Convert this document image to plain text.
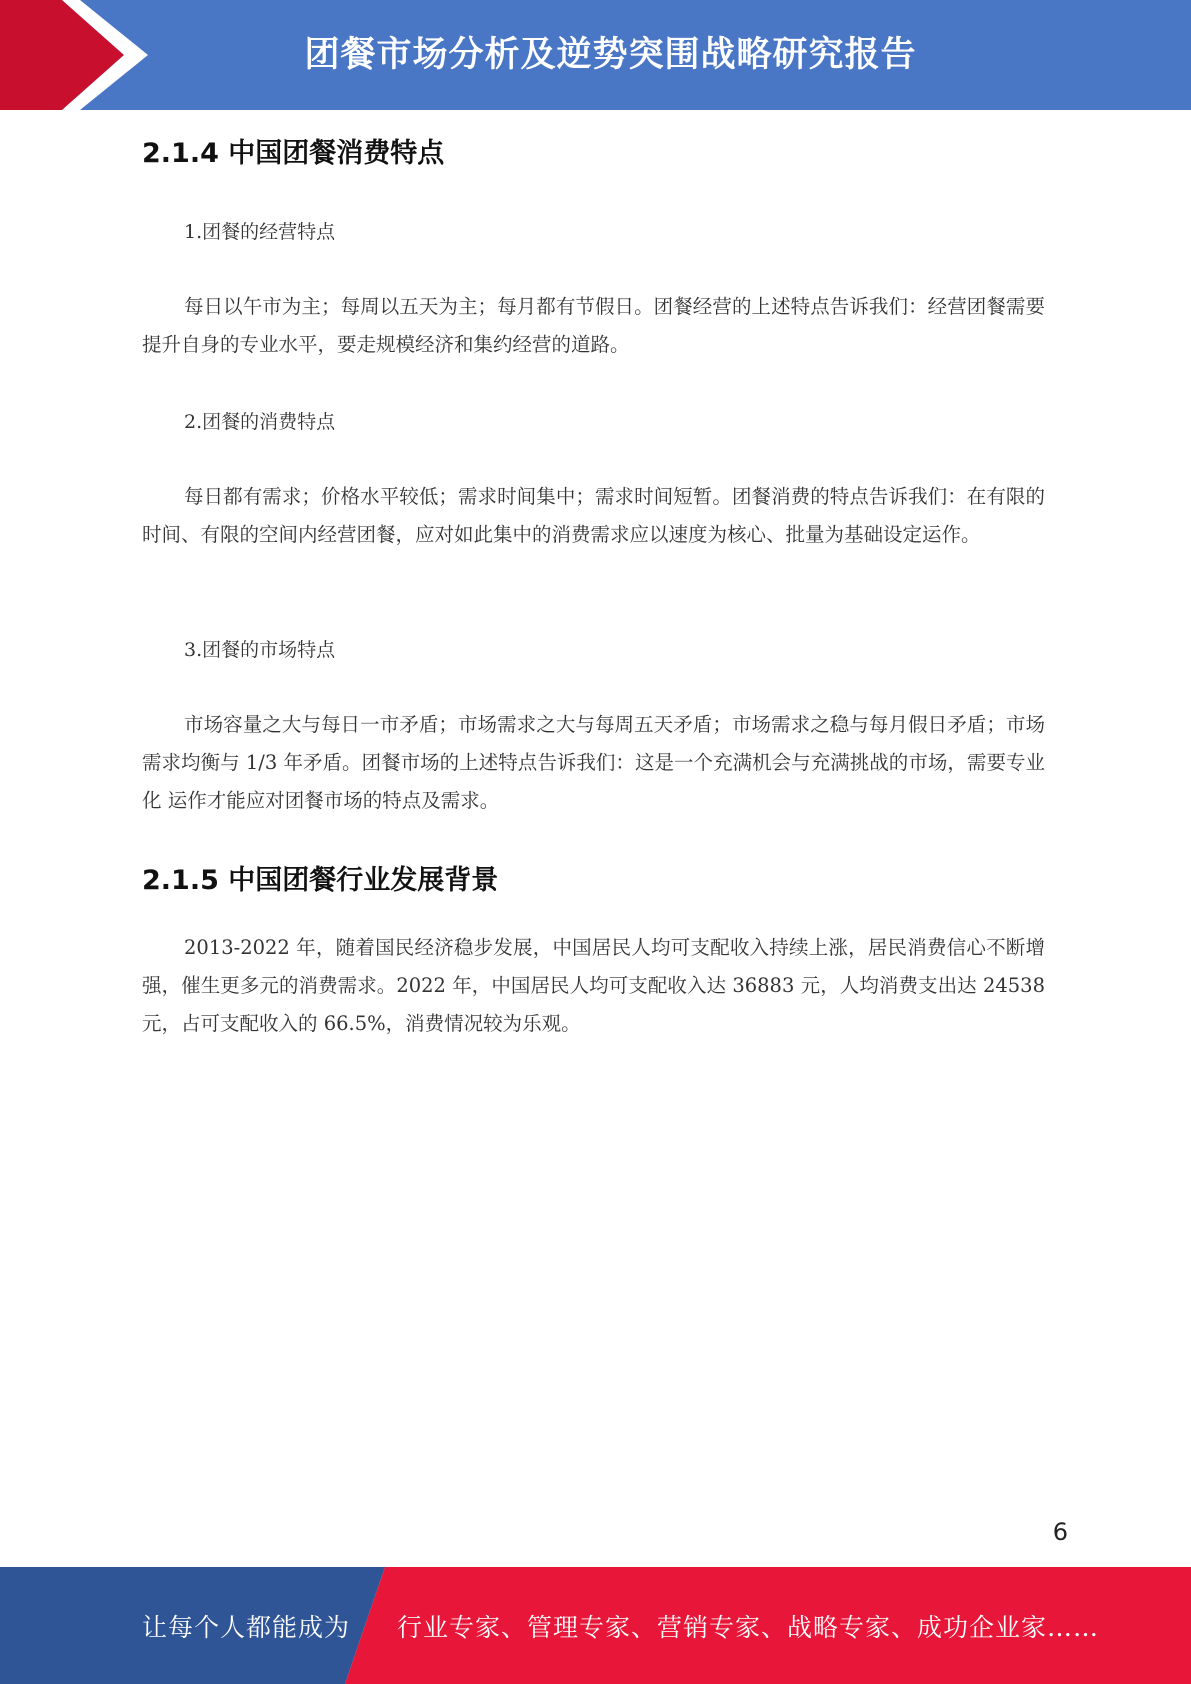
团餐市场分析及逆势突围战略研究报告
2.1.4 中国团餐消费特点

1.团餐的经营特点

每日以午市为主；每周以五天为主；每月都有节假日。团餐经营的上述特点告诉我们：经营团餐需要提升自身的专业水平，要走规模经济和集约经营的道路。

2.团餐的消费特点

每日都有需求；价格水平较低；需求时间集中；需求时间短暂。团餐消费的特点告诉我们：在有限的时间、有限的空间内经营团餐，应对如此集中的消费需求应以速度为核心、批量为基础设定运作。

3.团餐的市场特点

市场容量之大与每日一市矛盾；市场需求之大与每周五天矛盾；市场需求之稳与每月假日矛盾；市场需求均衡与 1/3 年矛盾。团餐市场的上述特点告诉我们：这是一个充满机会与充满挑战的市场，需要专业化 运作才能应对团餐市场的特点及需求。

2.1.5 中国团餐行业发展背景

2013-2022 年，随着国民经济稳步发展，中国居民人均可支配收入持续上涨，居民消费信心不断增强，催生更多元的消费需求。2022 年，中国居民人均可支配收入达 36883 元，人均消费支出达 24538 元，占可支配收入的 66.5%，消费情况较为乐观。

6
让每个人都能成为 行业专家、管理专家、营销专家、战略专家、成功企业家……
